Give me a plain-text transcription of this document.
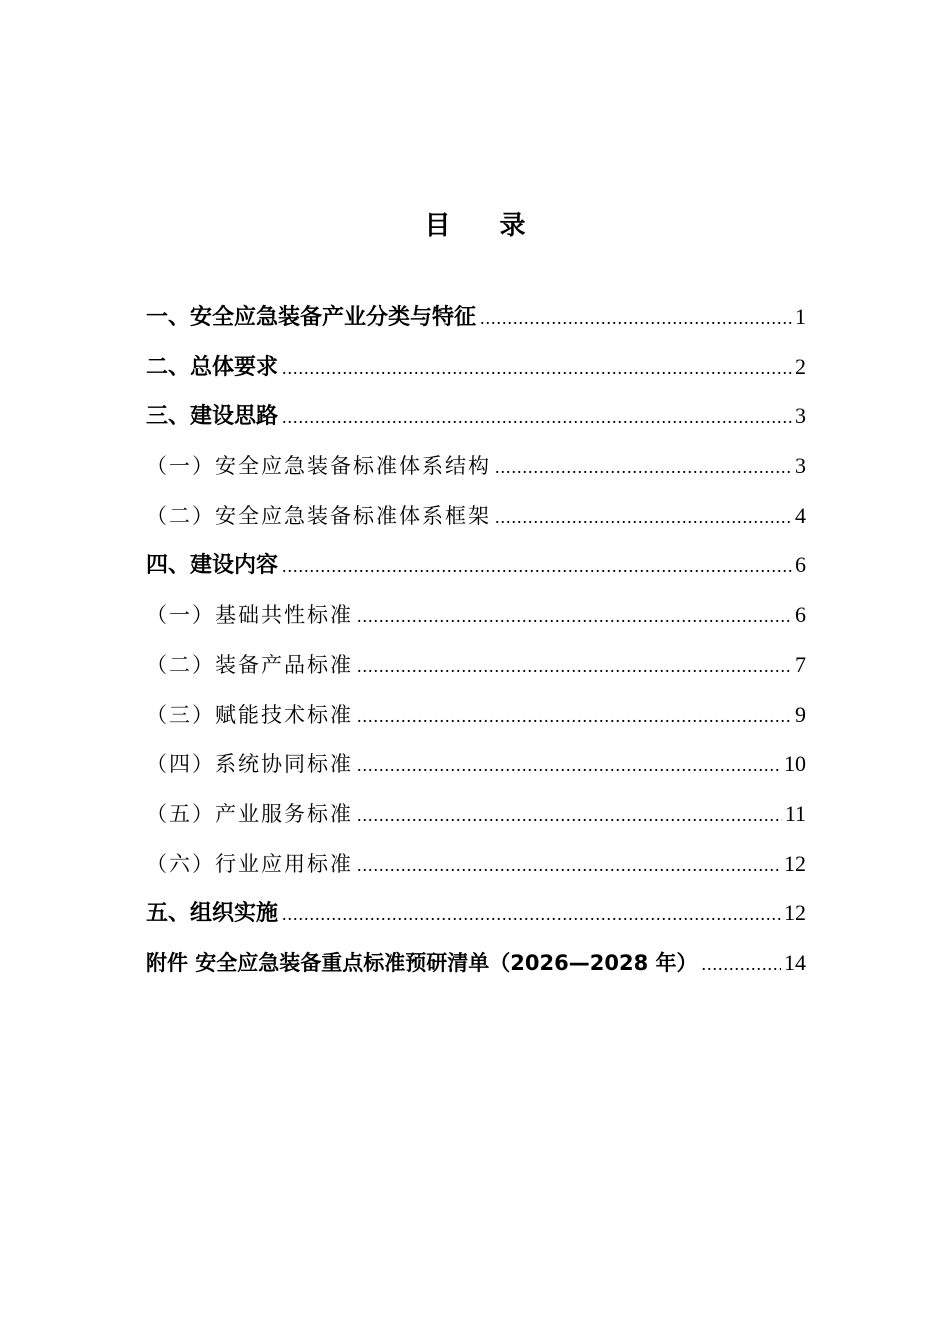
目 录
一、安全应急装备产业分类与特征 .....	1
二、总体要求 .....	2
三、建设思路 .....	3
（一）安全应急装备标准体系结构 .....	3
（二）安全应急装备标准体系框架 .....	4
四、建设内容 .....	6
（一）基础共性标准 .....	6
（二）装备产品标准 .....	7
（三）赋能技术标准 .....	9
（四）系统协同标准 .....	10
（五）产业服务标准 .....	11
（六）行业应用标准 .....	12
五、组织实施 .....	12
附件 安全应急装备重点标准预研清单（2026—2028 年） .....	14
